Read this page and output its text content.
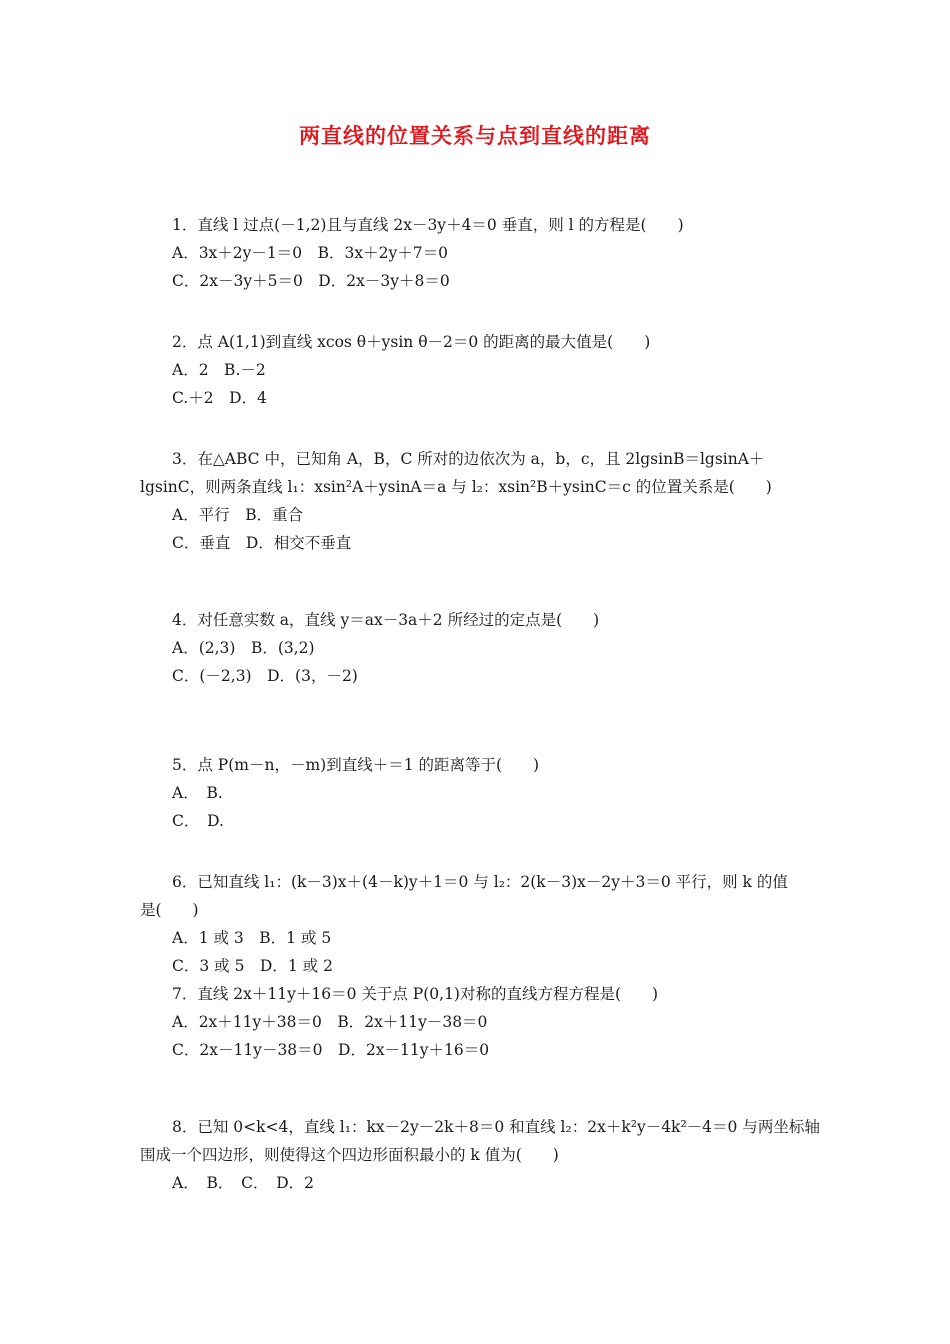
两直线的位置关系与点到直线的距离
1．直线 l 过点(－1,2)且与直线 2x－3y＋4＝0 垂直，则 l 的方程是(　　)
A．3x＋2y－1＝0　B．3x＋2y＋7＝0
C．2x－3y＋5＝0　D．2x－3y＋8＝0
2．点 A(1,1)到直线 xcos θ＋ysin θ－2＝0 的距离的最大值是(　　)
A．2　B.－2
C.＋2　D．4
3．在△ABC 中，已知角 A，B，C 所对的边依次为 a，b，c，且 2lgsinB＝lgsinA＋
lgsinC，则两条直线 l₁：xsin²A＋ysinA＝a 与 l₂：xsin²B＋ysinC＝c 的位置关系是(　　)
A．平行　B．重合
C．垂直　D．相交不垂直
4．对任意实数 a，直线 y＝ax－3a＋2 所经过的定点是(　　)
A．(2,3)　B．(3,2)
C．(－2,3)　D．(3，－2)
5．点 P(m－n，－m)到直线＋＝1 的距离等于(　　)
A．　B.
C．　D.
6．已知直线 l₁：(k－3)x＋(4－k)y＋1＝0 与 l₂：2(k－3)x－2y＋3＝0 平行，则 k 的值
是(　　)
A．1 或 3　B．1 或 5
C．3 或 5　D．1 或 2
7．直线 2x＋11y＋16＝0 关于点 P(0,1)对称的直线方程方程是(　　)
A．2x＋11y＋38＝0　B．2x＋11y－38＝0
C．2x－11y－38＝0　D．2x－11y＋16＝0
8．已知 0<k<4，直线 l₁：kx－2y－2k＋8＝0 和直线 l₂：2x＋k²y－4k²－4＝0 与两坐标轴
围成一个四边形，则使得这个四边形面积最小的 k 值为(　　)
A．　B．　C．　D．2
